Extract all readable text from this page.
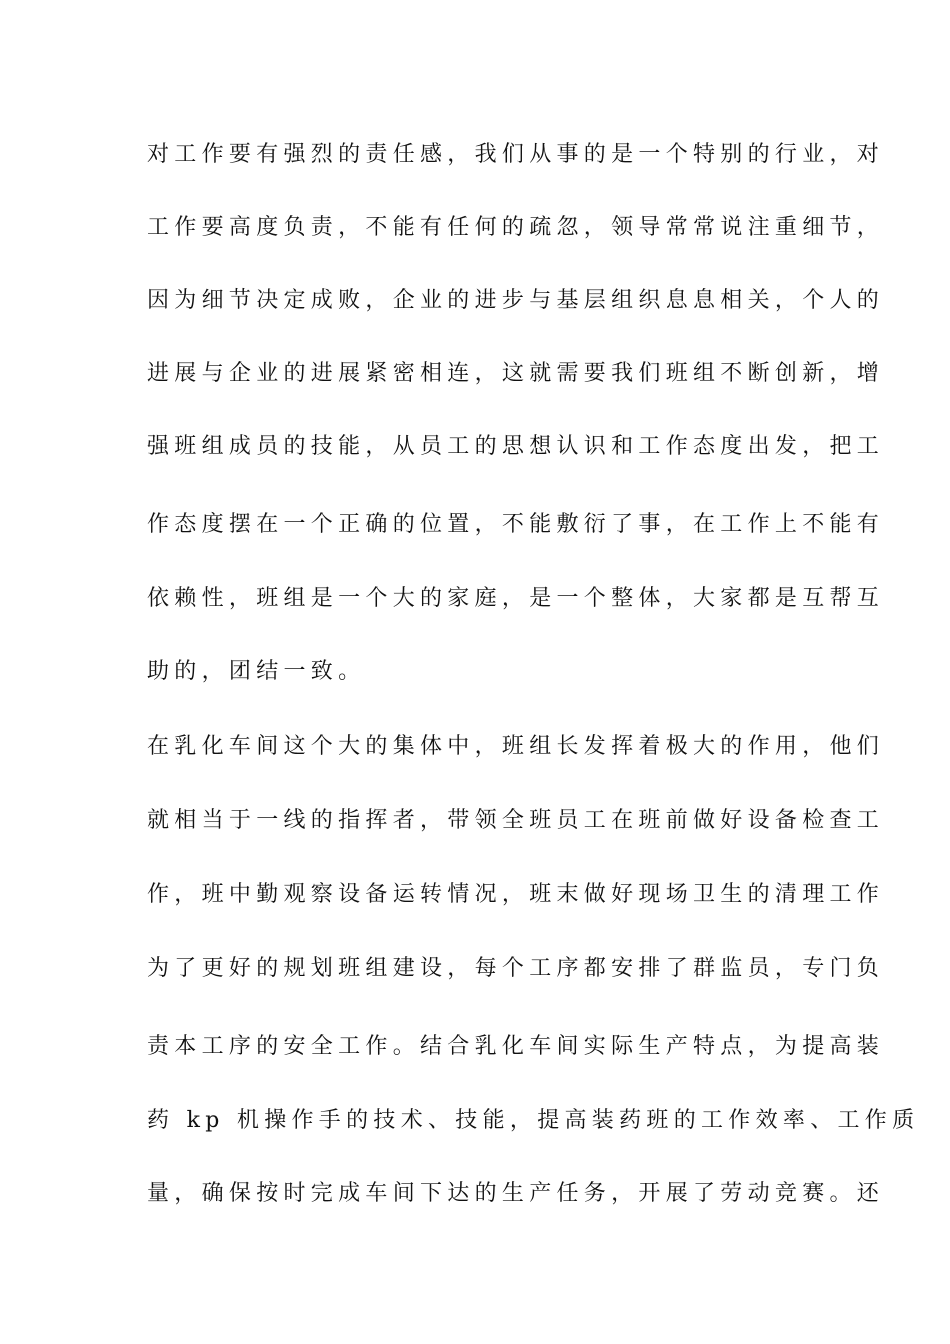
对工作要有强烈的责任感，我们从事的是一个特别的行业，对
工作要高度负责，不能有任何的疏忽，领导常常说注重细节，
因为细节决定成败，企业的进步与基层组织息息相关，个人的
进展与企业的进展紧密相连，这就需要我们班组不断创新，增
强班组成员的技能，从员工的思想认识和工作态度出发，把工
作态度摆在一个正确的位置，不能敷衍了事，在工作上不能有
依赖性，班组是一个大的家庭，是一个整体，大家都是互帮互
助的，团结一致。
在乳化车间这个大的集体中，班组长发挥着极大的作用，他们
就相当于一线的指挥者，带领全班员工在班前做好设备检查工
作，班中勤观察设备运转情况，班末做好现场卫生的清理工作
为了更好的规划班组建设，每个工序都安排了群监员，专门负
责本工序的安全工作。结合乳化车间实际生产特点，为提高装
药 kp 机操作手的技术、技能，提高装药班的工作效率、工作质
量，确保按时完成车间下达的生产任务，开展了劳动竞赛。还
